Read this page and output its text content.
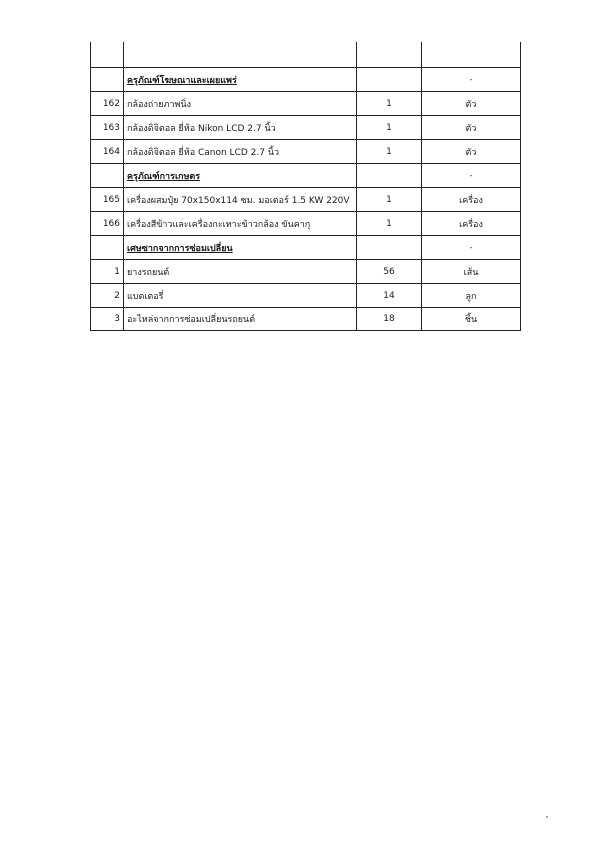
	ครุภัณฑ์โฆษณาและเผยแพร่		-
162	กล้องถ่ายภาพนิ่ง	1	ตัว
163	กล้องดิจิตอล ยี่ห้อ Nikon LCD 2.7 นิ้ว	1	ตัว
164	กล้องดิจิตอล ยี่ห้อ Canon LCD 2.7 นิ้ว	1	ตัว
	ครุภัณฑ์การเกษตร		-
165	เครื่องผสมปุ๋ย 70x150x114 ซม. มอเตอร์ 1.5 KW 220V	1	เครื่อง
166	เครื่องสีข้าวและเครื่องกะเทาะข้าวกล้อง ขันคากุ	1	เครื่อง
	เศษซากจากการซ่อมเปลี่ยน		-
1	ยางรถยนต์	56	เส้น
2	แบตเตอรี่	14	ลูก
3	อะไหล่จากการซ่อมเปลี่ยนรถยนต์	18	ชิ้น
